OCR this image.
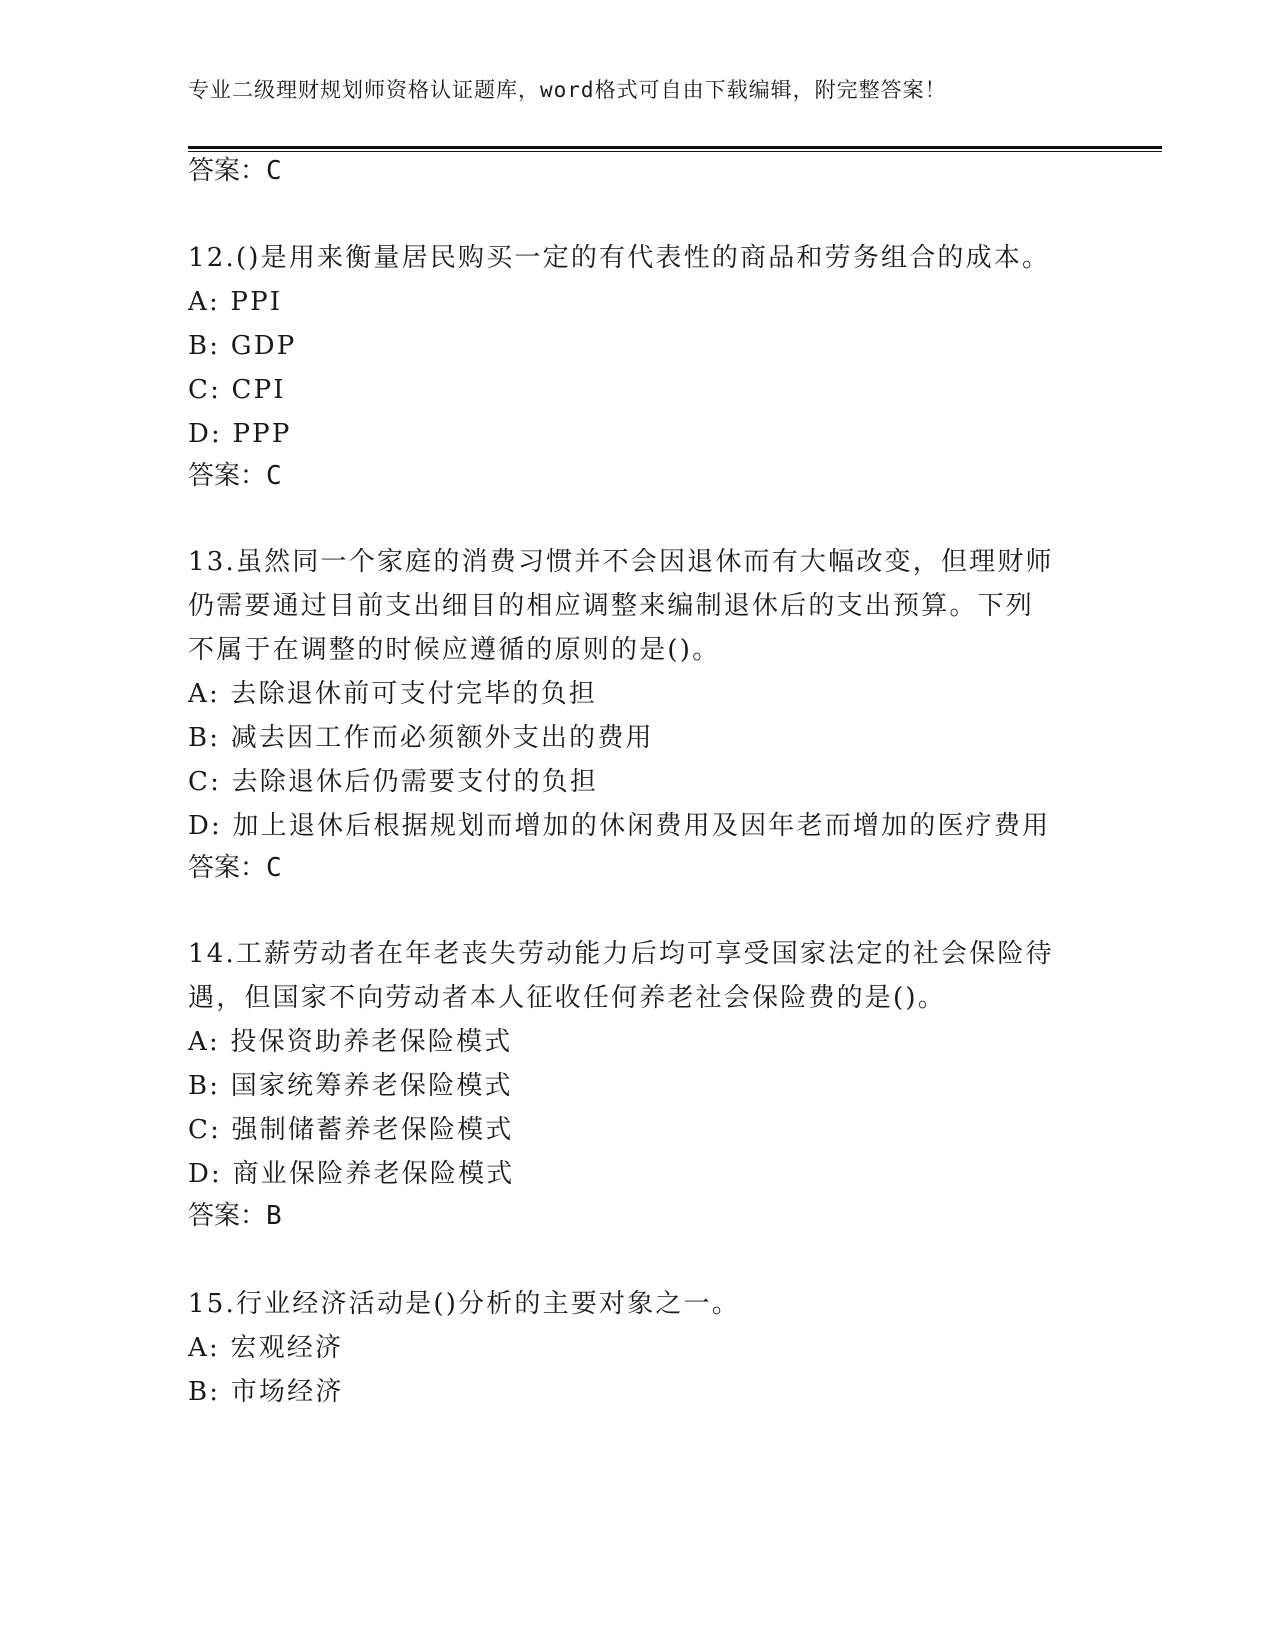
专业二级理财规划师资格认证题库，word格式可自由下载编辑，附完整答案！
答案：C
12.()是用来衡量居民购买一定的有代表性的商品和劳务组合的成本。
A: PPI
B: GDP
C: CPI
D: PPP
答案：C
13.虽然同一个家庭的消费习惯并不会因退休而有大幅改变，但理财师
仍需要通过目前支出细目的相应调整来编制退休后的支出预算。下列
不属于在调整的时候应遵循的原则的是()。
A: 去除退休前可支付完毕的负担
B: 减去因工作而必须额外支出的费用
C: 去除退休后仍需要支付的负担
D: 加上退休后根据规划而增加的休闲费用及因年老而增加的医疗费用
答案：C
14.工薪劳动者在年老丧失劳动能力后均可享受国家法定的社会保险待
遇，但国家不向劳动者本人征收任何养老社会保险费的是()。
A: 投保资助养老保险模式
B: 国家统筹养老保险模式
C: 强制储蓄养老保险模式
D: 商业保险养老保险模式
答案：B
15.行业经济活动是()分析的主要对象之一。
A: 宏观经济
B: 市场经济
